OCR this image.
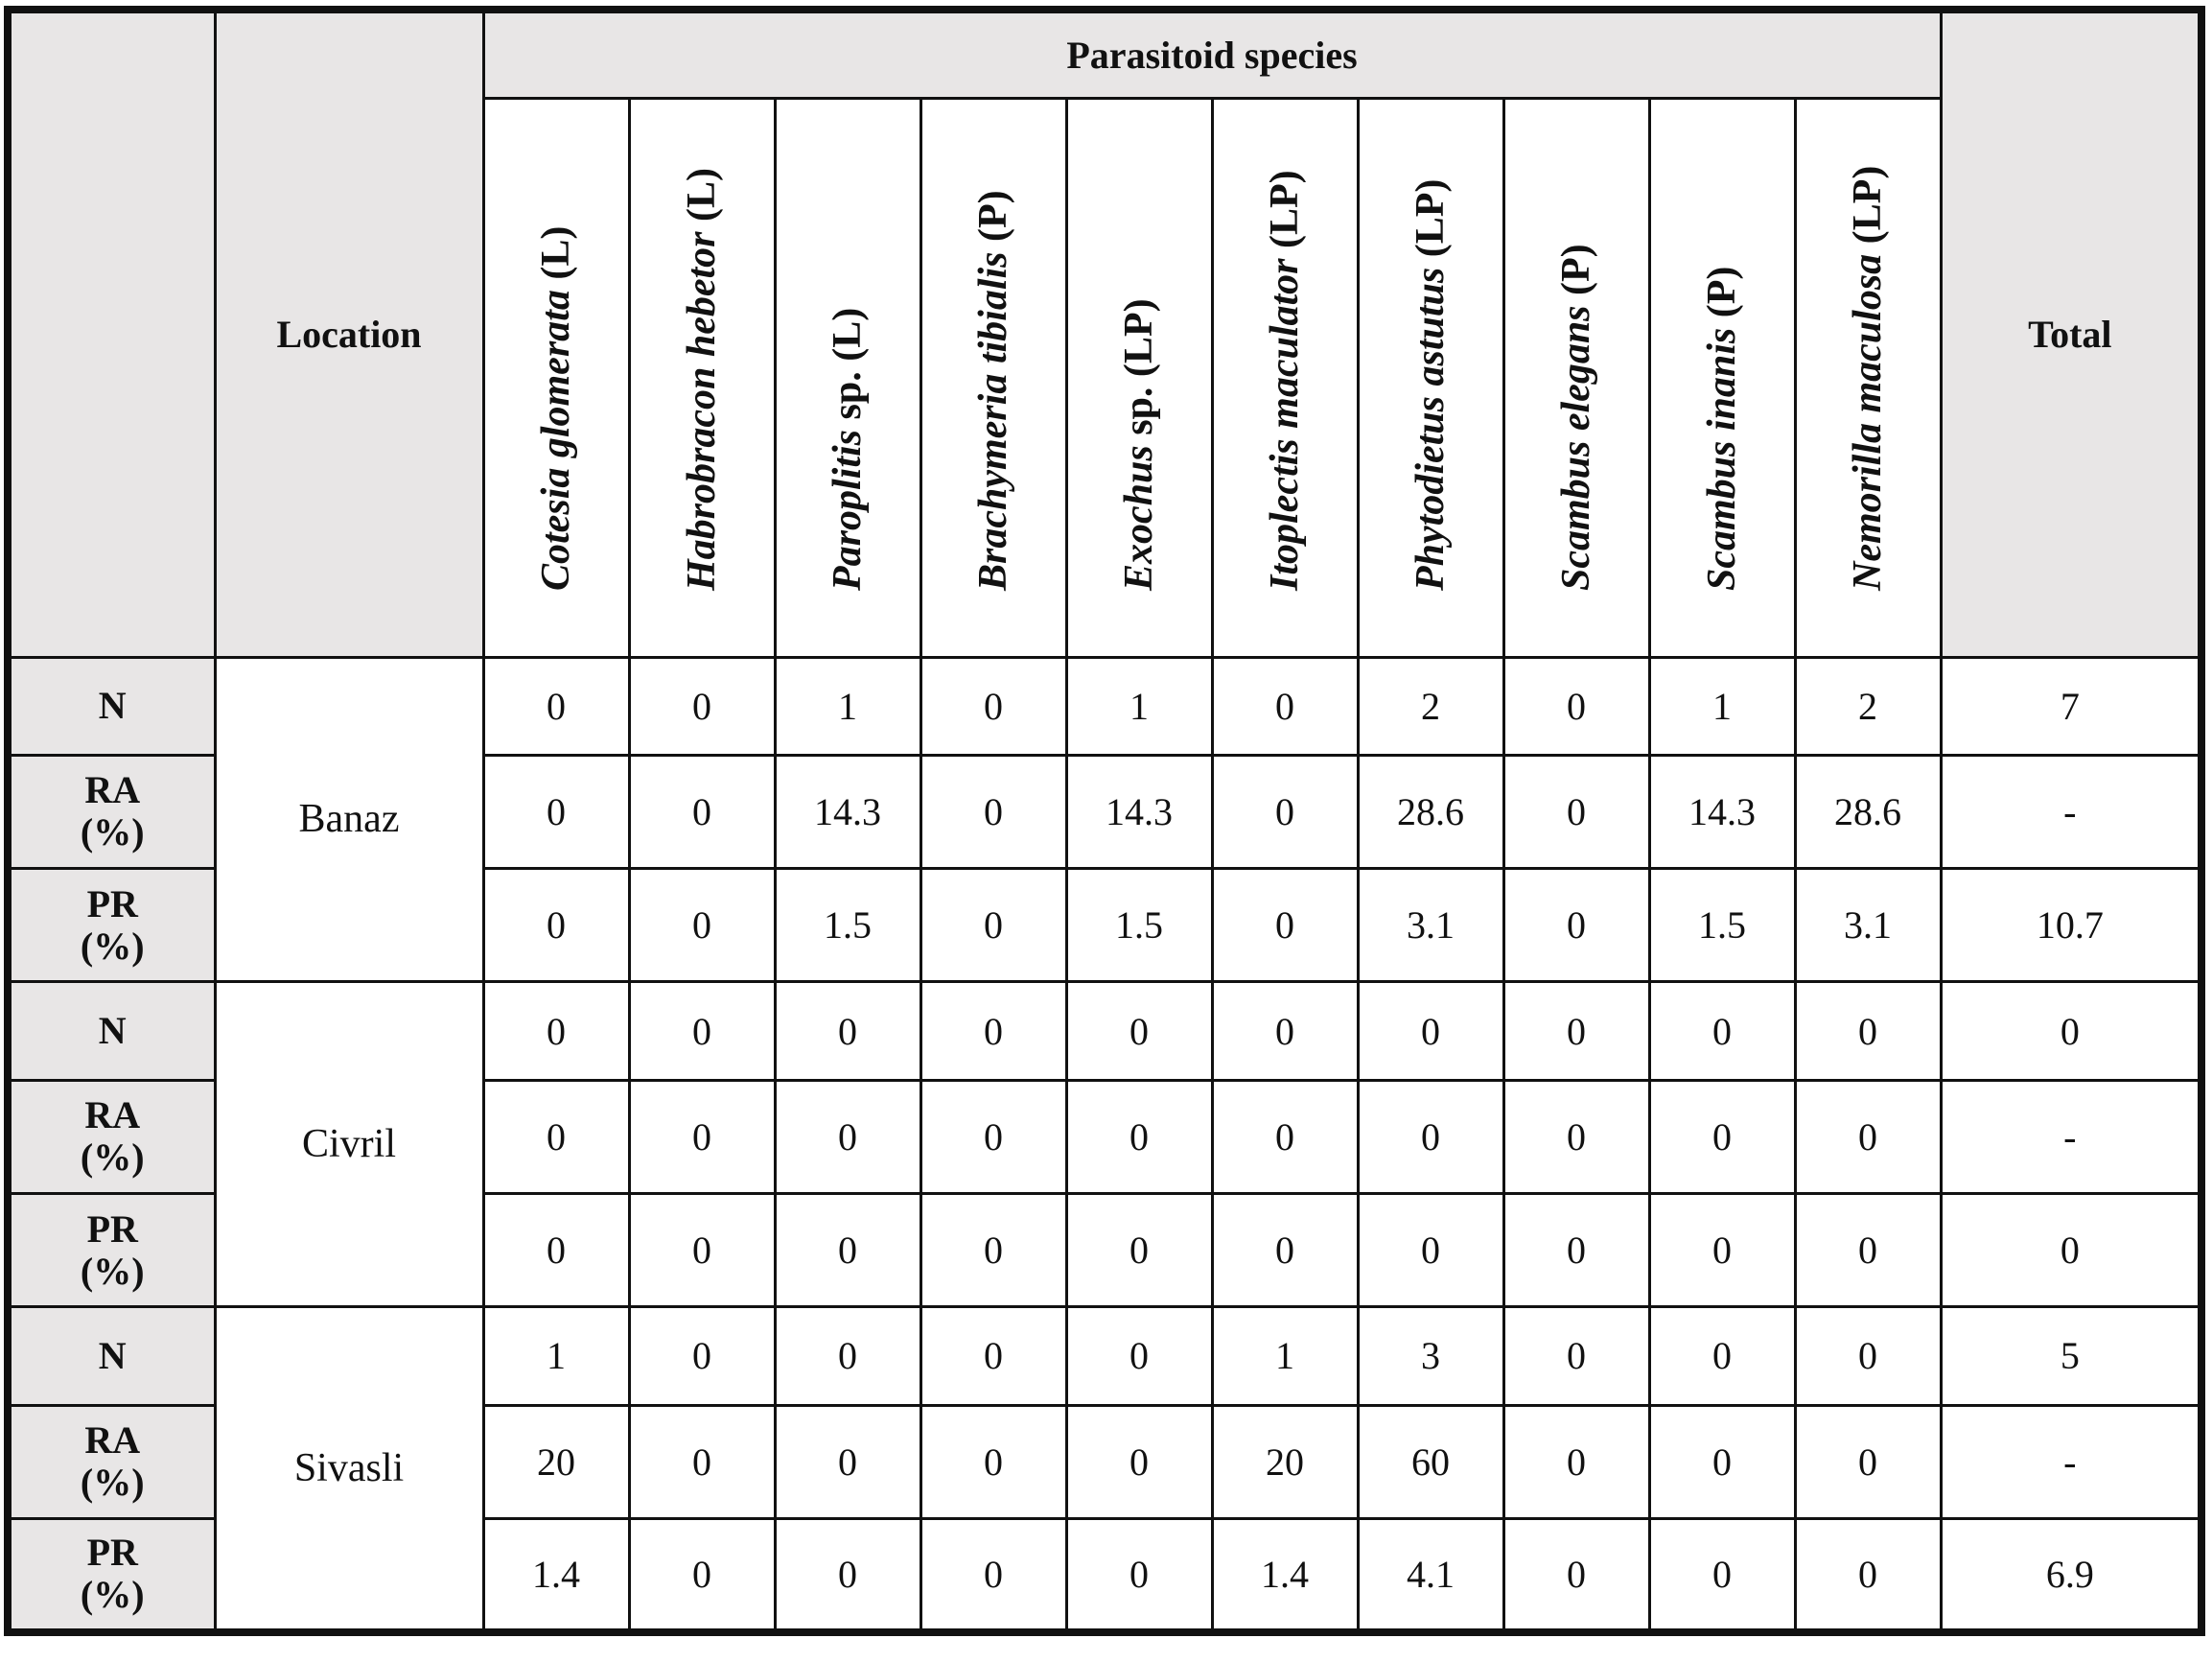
	Location	Parasitoid species										Total

		Cotesia glomerata (L)	Habrobracon hebetor (L)	Paroplitis sp. (L)	Brachymeria tibialis (P)	Exochus sp. (LP)	Itoplectis maculator (LP)	Phytodietus astutus (LP)	Scambus elegans (P)	Scambus inanis (P)	Nemorilla maculosa (LP)	

N	Banaz	0	0	1	0	1	0	2	0	1	2	7
RA
(%)		0	0	14.3	0	14.3	0	28.6	0	14.3	28.6	-
PR
(%)		0	0	1.5	0	1.5	0	3.1	0	1.5	3.1	10.7
N	Civril	0	0	0	0	0	0	0	0	0	0	0
RA
(%)		0	0	0	0	0	0	0	0	0	0	-
PR
(%)		0	0	0	0	0	0	0	0	0	0	0
N	Sivasli	1	0	0	0	0	1	3	0	0	0	5
RA
(%)		20	0	0	0	0	20	60	0	0	0	-
PR
(%)		1.4	0	0	0	0	1.4	4.1	0	0	0	6.9
